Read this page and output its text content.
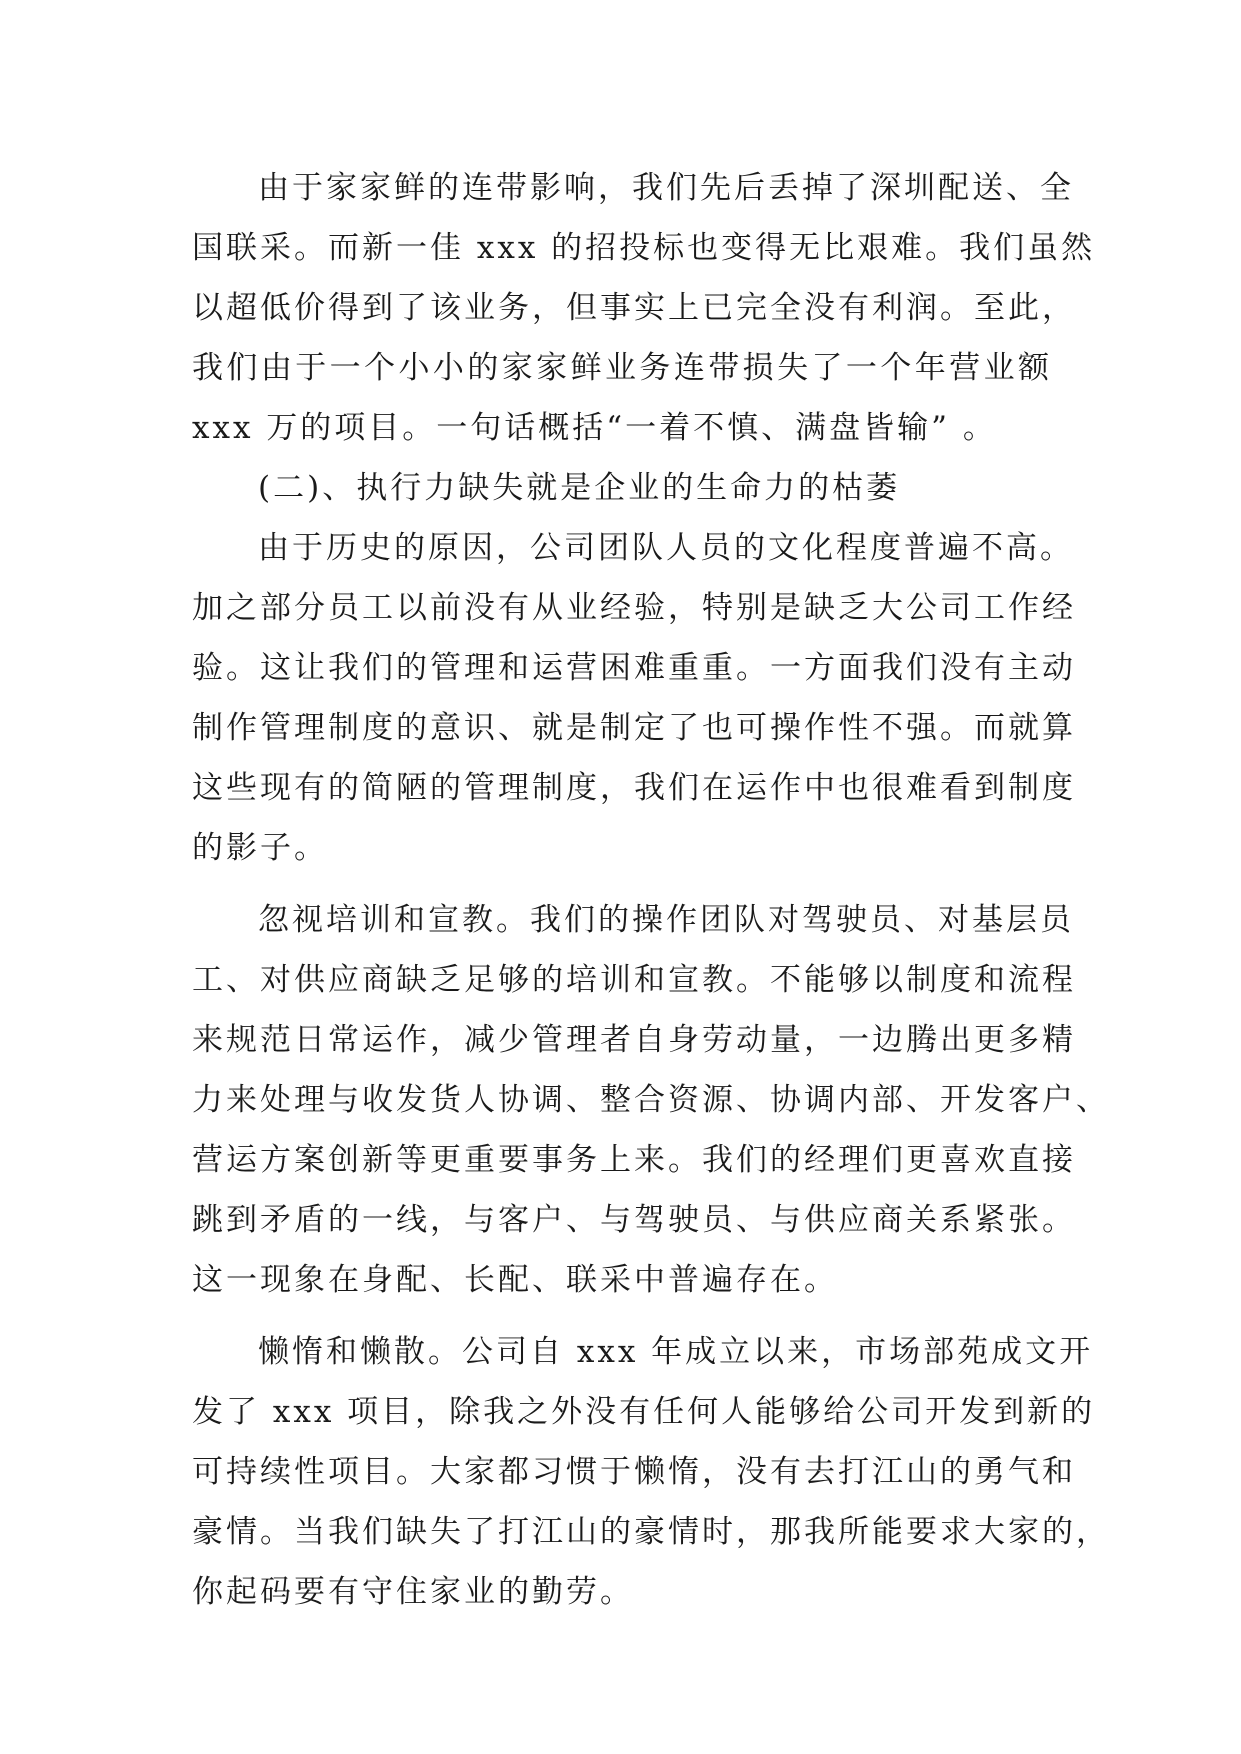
由于家家鲜的连带影响，我们先后丢掉了深圳配送、全
国联采。而新一佳 xxx 的招投标也变得无比艰难。我们虽然
以超低价得到了该业务，但事实上已完全没有利润。至此，
我们由于一个小小的家家鲜业务连带损失了一个年营业额
xxx 万的项目。一句话概括“一着不慎、满盘皆输” 。
(二)、执行力缺失就是企业的生命力的枯萎
由于历史的原因，公司团队人员的文化程度普遍不高。
加之部分员工以前没有从业经验，特别是缺乏大公司工作经
验。这让我们的管理和运营困难重重。一方面我们没有主动
制作管理制度的意识、就是制定了也可操作性不强。而就算
这些现有的简陋的管理制度，我们在运作中也很难看到制度
的影子。
忽视培训和宣教。我们的操作团队对驾驶员、对基层员
工、对供应商缺乏足够的培训和宣教。不能够以制度和流程
来规范日常运作，减少管理者自身劳动量，一边腾出更多精
力来处理与收发货人协调、整合资源、协调内部、开发客户、
营运方案创新等更重要事务上来。我们的经理们更喜欢直接
跳到矛盾的一线，与客户、与驾驶员、与供应商关系紧张。
这一现象在身配、长配、联采中普遍存在。
懒惰和懒散。公司自 xxx 年成立以来，市场部苑成文开
发了 xxx 项目，除我之外没有任何人能够给公司开发到新的
可持续性项目。大家都习惯于懒惰，没有去打江山的勇气和
豪情。当我们缺失了打江山的豪情时，那我所能要求大家的，
你起码要有守住家业的勤劳。
